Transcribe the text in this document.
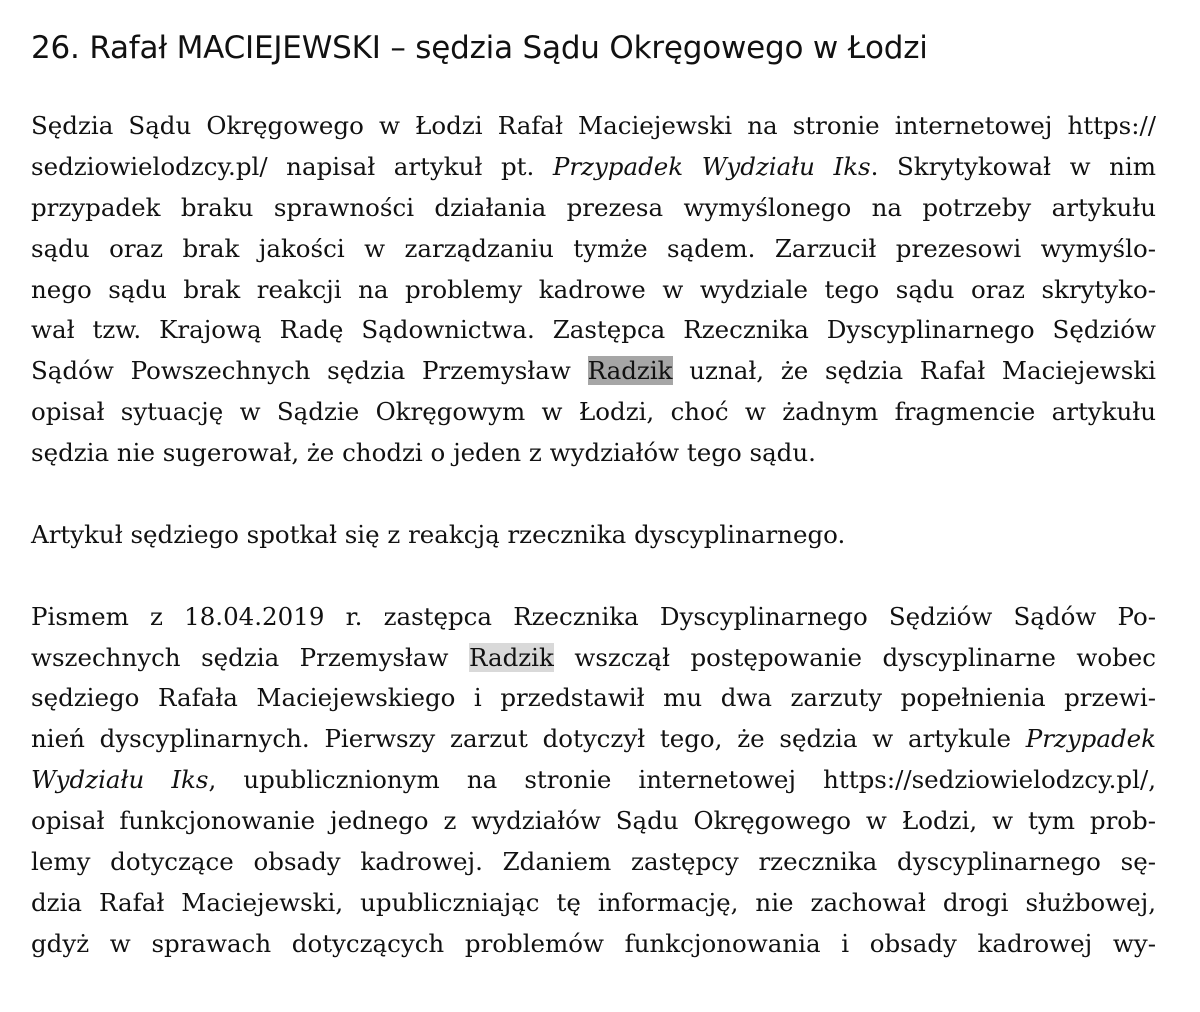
26. Rafał MACIEJEWSKI – sędzia Sądu Okręgowego w Łodzi
Sędzia Sądu Okręgowego w Łodzi Rafał Maciejewski na stronie internetowej https://
sedziowielodzcy.pl/ napisał artykuł pt. Przypadek Wydziału Iks. Skrytykował w nim
przypadek braku sprawności działania prezesa wymyślonego na potrzeby artykułu
sądu oraz brak jakości w zarządzaniu tymże sądem. Zarzucił prezesowi wymyślo-
nego sądu brak reakcji na problemy kadrowe w wydziale tego sądu oraz skrytyko-
wał tzw. Krajową Radę Sądownictwa. Zastępca Rzecznika Dyscyplinarnego Sędziów
Sądów Powszechnych sędzia Przemysław Radzik uznał, że sędzia Rafał Maciejewski
opisał sytuację w Sądzie Okręgowym w Łodzi, choć w żadnym fragmencie artykułu
sędzia nie sugerował, że chodzi o jeden z wydziałów tego sądu.
Artykuł sędziego spotkał się z reakcją rzecznika dyscyplinarnego.
Pismem z 18.04.2019 r. zastępca Rzecznika Dyscyplinarnego Sędziów Sądów Po-
wszechnych sędzia Przemysław Radzik wszczął postępowanie dyscyplinarne wobec
sędziego Rafała Maciejewskiego i przedstawił mu dwa zarzuty popełnienia przewi-
nień dyscyplinarnych. Pierwszy zarzut dotyczył tego, że sędzia w artykule Przypadek
Wydziału Iks, upublicznionym na stronie internetowej https://sedziowielodzcy.pl/,
opisał funkcjonowanie jednego z wydziałów Sądu Okręgowego w Łodzi, w tym prob-
lemy dotyczące obsady kadrowej. Zdaniem zastępcy rzecznika dyscyplinarnego sę-
dzia Rafał Maciejewski, upubliczniając tę informację, nie zachował drogi służbowej,
gdyż w sprawach dotyczących problemów funkcjonowania i obsady kadrowej wy-
